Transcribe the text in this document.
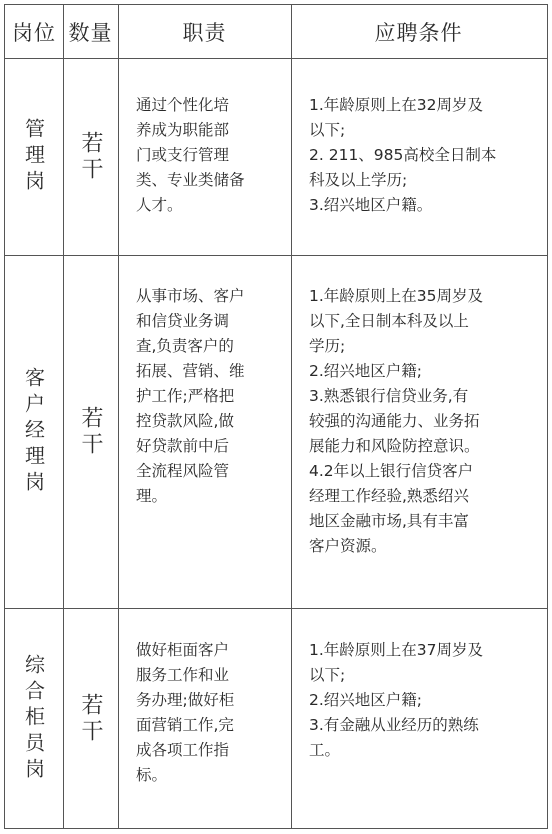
岗位 数量	职责	应聘条件
管理岗 若干
通过个性化培
养成为职能部
门或支行管理
类、专业类储备
人才。
1.年龄原则上在32周岁及
以下;
2. 211、985高校全日制本
科及以上学历;
3.绍兴地区户籍。
客户经理岗 若干
从事市场、客户
和信贷业务调
查,负责客户的
拓展、营销、维
护工作;严格把
控贷款风险,做
好贷款前中后
全流程风险管
理。
1.年龄原则上在35周岁及
以下,全日制本科及以上
学历;
2.绍兴地区户籍;
3.熟悉银行信贷业务,有
较强的沟通能力、业务拓
展能力和风险防控意识。
4.2年以上银行信贷客户
经理工作经验,熟悉绍兴
地区金融市场,具有丰富
客户资源。
综合柜员岗 若干
做好柜面客户
服务工作和业
务办理;做好柜
面营销工作,完
成各项工作指
标。
1.年龄原则上在37周岁及
以下;
2.绍兴地区户籍;
3.有金融从业经历的熟练
工。
